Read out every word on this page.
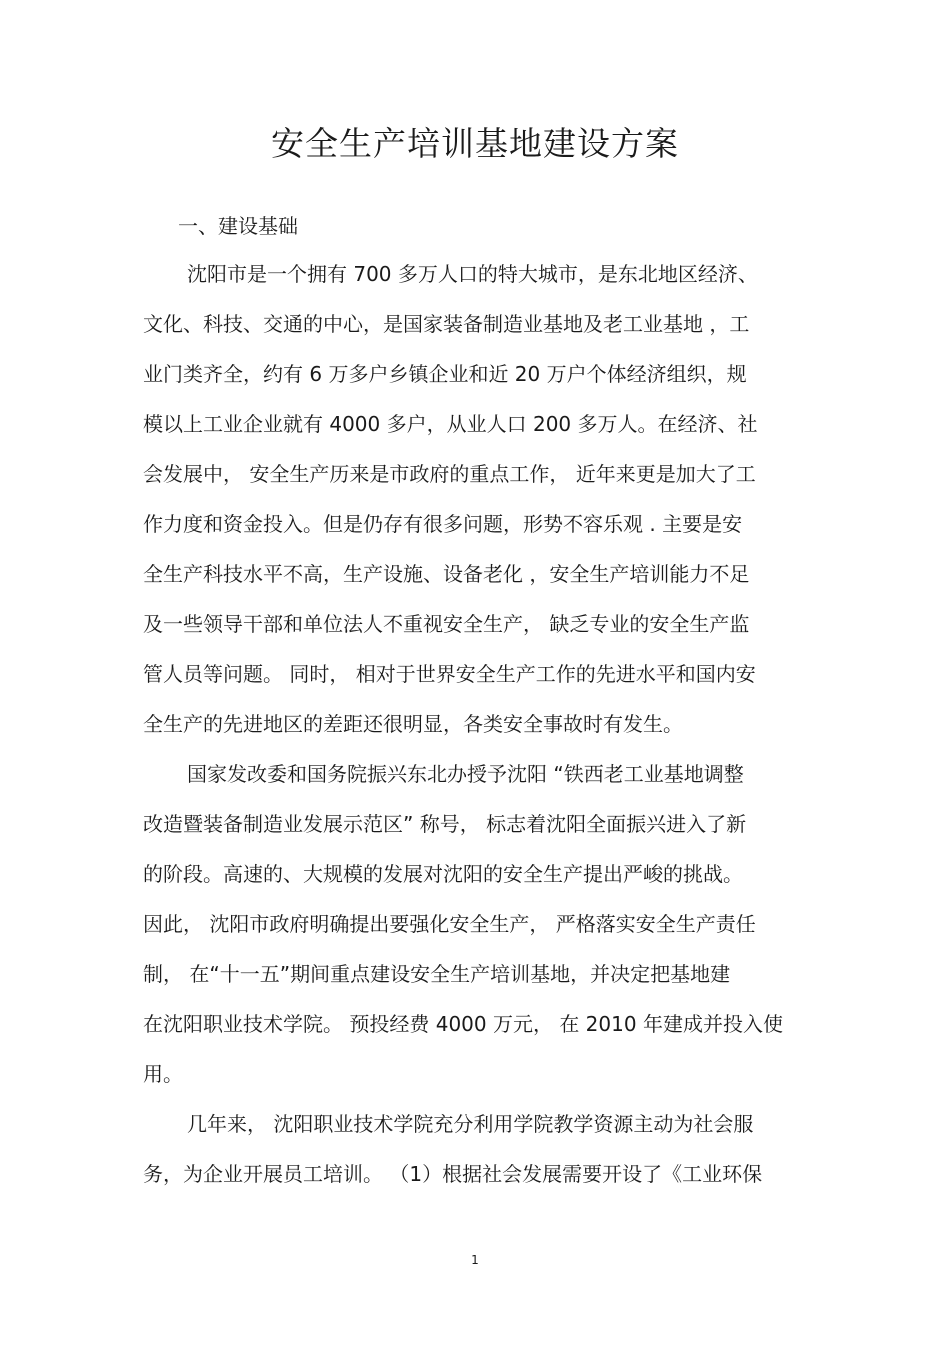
安全生产培训基地建设方案
一、建设基础
沈阳市是一个拥有 700 多万人口的特大城市，是东北地区经济、
文化、科技、交通的中心，是国家装备制造业基地及老工业基地 ，工
业门类齐全，约有 6 万多户乡镇企业和近 20 万户个体经济组织，规
模以上工业企业就有 4000 多户，从业人口 200 多万人。在经济、社
会发展中， 安全生产历来是市政府的重点工作， 近年来更是加大了工
作力度和资金投入。但是仍存有很多问题，形势不容乐观 . 主要是安
全生产科技水平不高，生产设施、设备老化 ，安全生产培训能力不足
及一些领导干部和单位法人不重视安全生产， 缺乏专业的安全生产监
管人员等问题。 同时， 相对于世界安全生产工作的先进水平和国内安
全生产的先进地区的差距还很明显，各类安全事故时有发生。
国家发改委和国务院振兴东北办授予沈阳 “铁西老工业基地调整
改造暨装备制造业发展示范区” 称号， 标志着沈阳全面振兴进入了新
的阶段。高速的、大规模的发展对沈阳的安全生产提出严峻的挑战。
因此， 沈阳市政府明确提出要强化安全生产， 严格落实安全生产责任
制， 在“十一五”期间重点建设安全生产培训基地，并决定把基地建
在沈阳职业技术学院。 预投经费 4000 万元， 在 2010 年建成并投入使
用。
几年来， 沈阳职业技术学院充分利用学院教学资源主动为社会服
务，为企业开展员工培训。 （1）根据社会发展需要开设了《工业环保
1
